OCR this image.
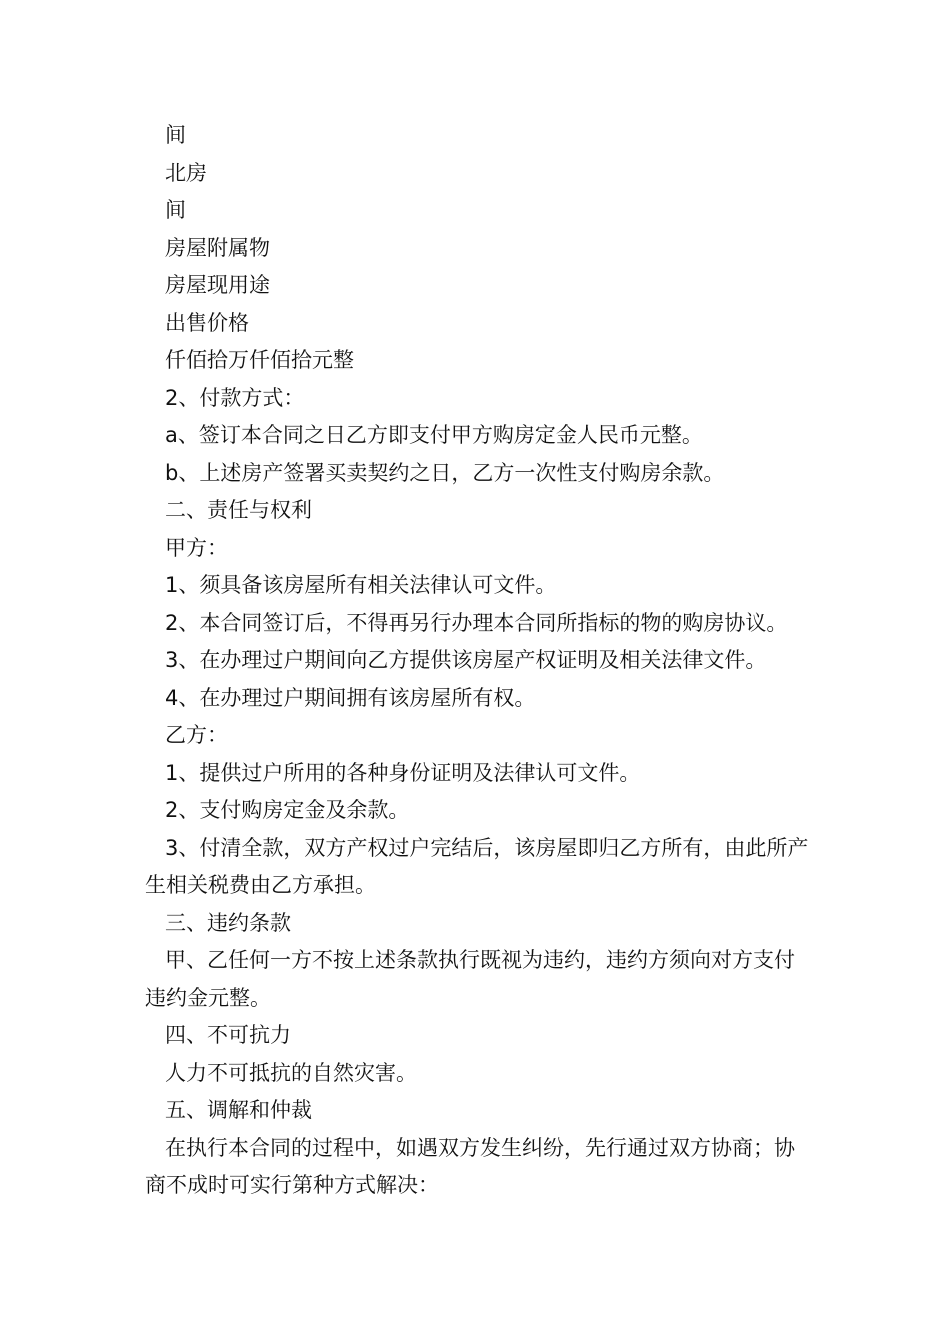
间

北房

间

房屋附属物

房屋现用途

出售价格

仟佰拾万仟佰拾元整

2、付款方式：

a、签订本合同之日乙方即支付甲方购房定金人民币元整。

b、上述房产签署买卖契约之日，乙方一次性支付购房余款。

二、责任与权利

甲方：

1、须具备该房屋所有相关法律认可文件。

2、本合同签订后，不得再另行办理本合同所指标的物的购房协议。

3、在办理过户期间向乙方提供该房屋产权证明及相关法律文件。

4、在办理过户期间拥有该房屋所有权。

乙方：

1、提供过户所用的各种身份证明及法律认可文件。

2、支付购房定金及余款。

3、付清全款，双方产权过户完结后，该房屋即归乙方所有，由此所产生相关税费由乙方承担。

三、违约条款

甲、乙任何一方不按上述条款执行既视为违约，违约方须向对方支付违约金元整。

四、不可抗力

人力不可抵抗的自然灾害。

五、调解和仲裁

在执行本合同的过程中，如遇双方发生纠纷，先行通过双方协商；协商不成时可实行第种方式解决：
